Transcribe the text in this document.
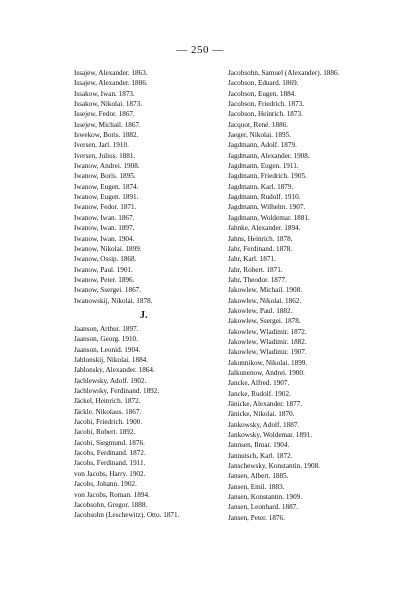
— 250 —
Issajew, Alexander. 1863.
Issajew, Alexander. 1886.
Issakow, Iwan. 1873.
Issakow, Nikolai. 1873.
Issejew, Fedor. 1867.
Issejew, Michail. 1867.
Iswekow, Boris. 1882.
Iversen, Jarl. 1910.
Iversen, Julius. 1881.
Iwanow, Andrei. 1908.
Iwanow, Boris. 1895.
Iwanow, Eugen. 1874.
Iwanow, Eugen. 1891.
Iwanow, Fedor. 1871.
Iwanow, Iwan. 1867.
Iwanow, Iwan. 1897.
Iwanow, Iwan. 1904.
Iwanow, Nikolai. 1899.
Iwanow, Ossip. 1868.
Iwanow, Paul. 1901.
Iwanow, Peter. 1896.
Iwanow, Ssergei. 1867.
Iwanowskij, Nikolai. 1878.
J.
Jaanson, Arthur. 1897.
Jaanson, Georg. 1910.
Jaanson, Leonid. 1904.
Jablonskij, Nikolai. 1884.
Jablonsky, Alexander. 1864.
Jachlewsky, Adolf. 1902.
Jachlewsky, Ferdinand. 1892.
Jäckel, Heinrich. 1872.
Jäckle, Nikolaus. 1867.
Jacobi, Friedrich. 1900.
Jacobi, Robert. 1892.
Jacobi, Siegmund. 1876.
Jacobs, Ferdinand. 1872.
Jacobs, Ferdinand. 1911.
von Jacobs, Harry. 1902.
Jacobs, Johann. 1902.
von Jacobs, Roman. 1894.
Jacobsohn, Gregor. 1888.
Jacobsohn (Leschewitz), Otto. 1871.
Jacobsohn, Samuel (Alexander). 1886.
Jacobson, Eduard. 1869.
Jacobson, Eugen. 1884.
Jacobson, Friedrich. 1873.
Jacobson, Heinrich. 1873.
Jacquot, René. 1886.
Jaeger, Nikolai. 1895.
Jagdmann, Adolf. 1879.
Jagdmann, Alexander. 1908.
Jagdmann, Eugen. 1911.
Jagdmann, Friedrich. 1905.
Jagdmann, Karl. 1879.
Jagdmann, Rudolf. 1910.
Jagdmann, Wilhelm. 1907.
Jagdmann, Woldemar. 1881.
Jahnke, Alexander. 1894.
Jahns, Heinrich. 1878.
Jahr, Ferdinand. 1878.
Jahr, Karl. 1871.
Jahr, Robert. 1871.
Jahr, Theodor. 1877.
Jakowlew, Michail. 1908.
Jakowlew, Nikolai. 1862.
Jakowlew, Paul. 1882.
Jakowlew, Ssergei. 1878.
Jakowlew, Wladimir. 1872.
Jakowlew, Wladimir. 1882.
Jakowlew, Wladimir. 1907.
Jakunnikow, Nikolai. 1899.
Jalkunenow, Andrei. 1900.
Jancke, Alfred. 1907.
Jancke, Rudolf. 1902.
Jänicke, Alexander. 1877.
Jänicke, Nikolai. 1870.
Jankowsky, Adolf. 1887.
Jankowsky, Woldemar. 1891.
Jannsen, Ilmar. 1904.
Jannutsch, Karl. 1872.
Janschewsky, Konstantin. 1908.
Jansen, Albert. 1885.
Jansen, Emil. 1883.
Jansen, Konstantin. 1909.
Jansen, Leonhard. 1887.
Jansen, Peter. 1876.
